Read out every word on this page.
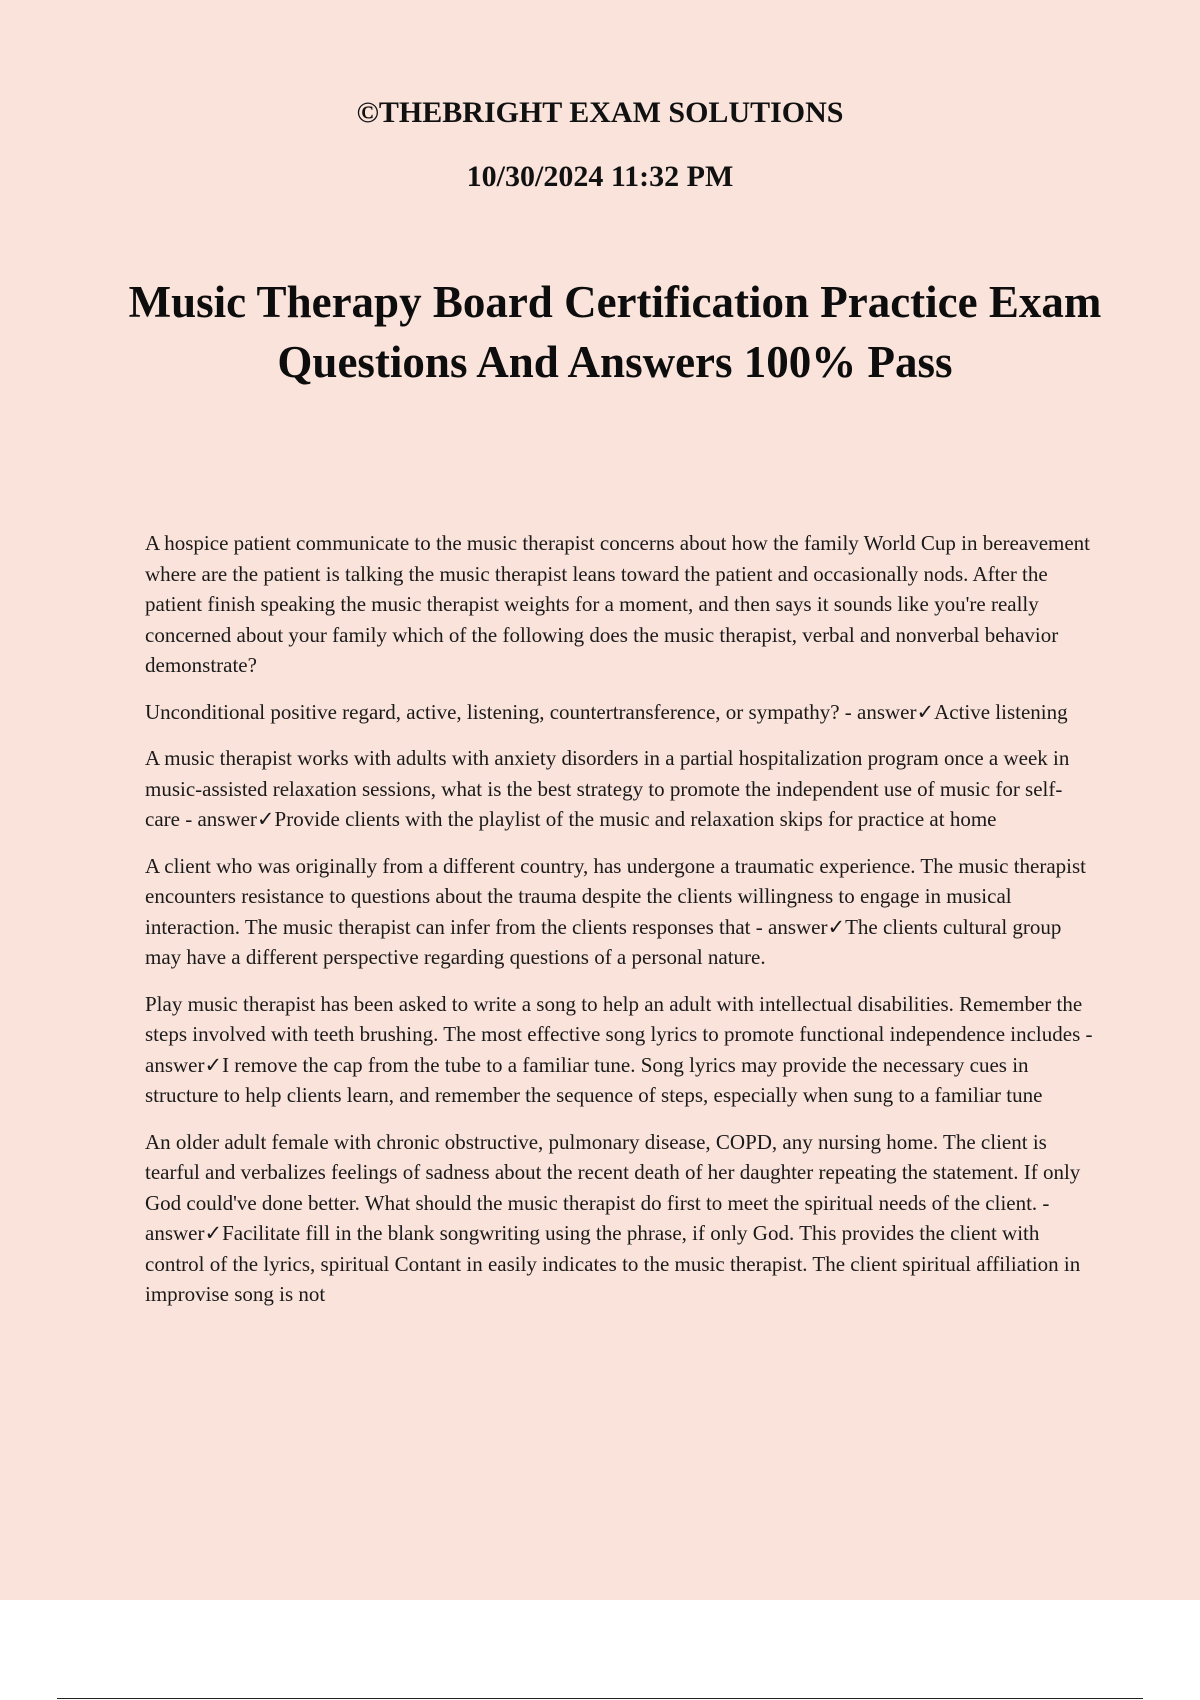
©THEBRIGHT EXAM SOLUTIONS
10/30/2024 11:32 PM
Music Therapy Board Certification Practice Exam Questions And Answers 100% Pass

A hospice patient communicate to the music therapist concerns about how the family World Cup in bereavement where are the patient is talking the music therapist leans toward the patient and occasionally nods. After the patient finish speaking the music therapist weights for a moment, and then says it sounds like you're really concerned about your family which of the following does the music therapist, verbal and nonverbal behavior demonstrate?

Unconditional positive regard, active, listening, countertransference, or sympathy? - answer✓Active listening

A music therapist works with adults with anxiety disorders in a partial hospitalization program once a week in music-assisted relaxation sessions, what is the best strategy to promote the independent use of music for self-care - answer✓Provide clients with the playlist of the music and relaxation skips for practice at home

A client who was originally from a different country, has undergone a traumatic experience. The music therapist encounters resistance to questions about the trauma despite the clients willingness to engage in musical interaction. The music therapist can infer from the clients responses that - answer✓The clients cultural group may have a different perspective regarding questions of a personal nature.

Play music therapist has been asked to write a song to help an adult with intellectual disabilities. Remember the steps involved with teeth brushing. The most effective song lyrics to promote functional independence includes - answer✓I remove the cap from the tube to a familiar tune. Song lyrics may provide the necessary cues in structure to help clients learn, and remember the sequence of steps, especially when sung to a familiar tune

An older adult female with chronic obstructive, pulmonary disease, COPD, any nursing home. The client is tearful and verbalizes feelings of sadness about the recent death of her daughter repeating the statement. If only God could've done better. What should the music therapist do first to meet the spiritual needs of the client. - answer✓Facilitate fill in the blank songwriting using the phrase, if only God. This provides the client with control of the lyrics, spiritual Contant in easily indicates to the music therapist. The client spiritual affiliation in improvise song is not
